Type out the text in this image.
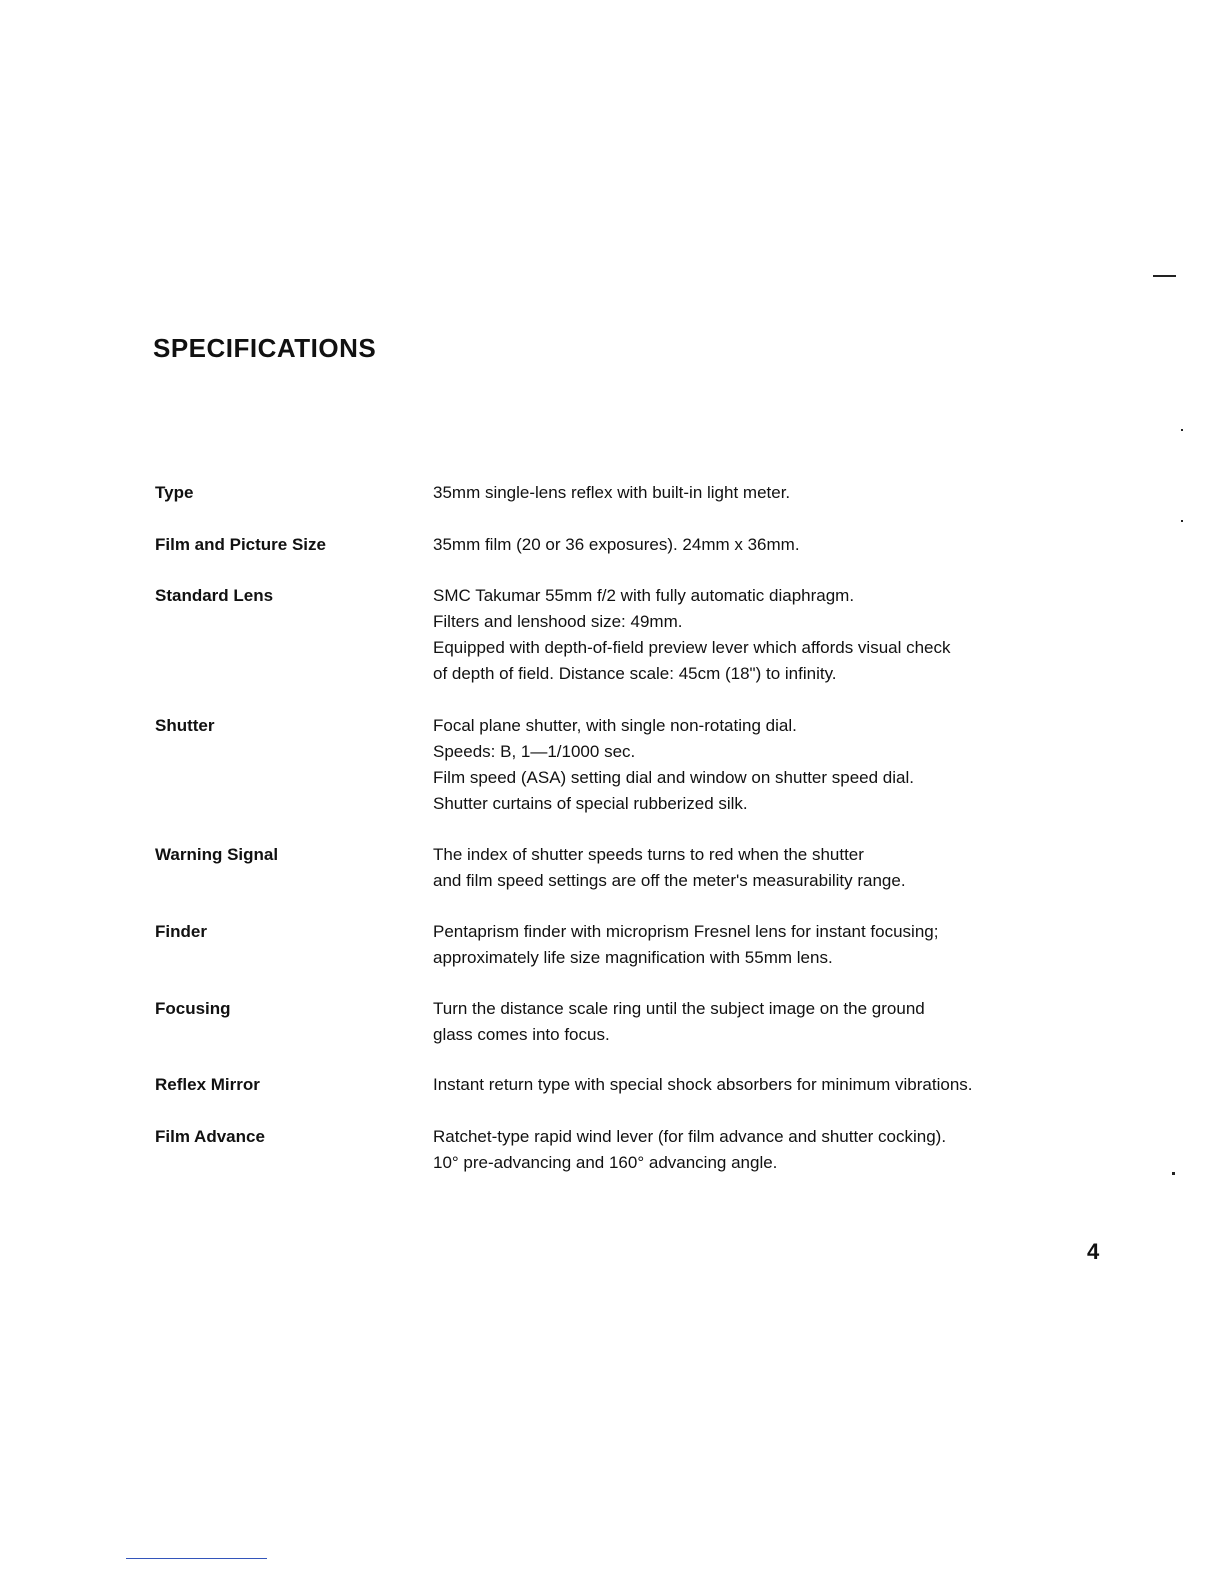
SPECIFICATIONS
Type	35mm single-lens reflex with built-in light meter.
Film and Picture Size	35mm film (20 or 36 exposures). 24mm x 36mm.
Standard Lens	SMC Takumar 55mm f/2 with fully automatic diaphragm.
Filters and lenshood size: 49mm.
Equipped with depth-of-field preview lever which affords visual check
of depth of field. Distance scale: 45cm (18") to infinity.
Shutter	Focal plane shutter, with single non-rotating dial.
Speeds: B, 1—1/1000 sec.
Film speed (ASA) setting dial and window on shutter speed dial.
Shutter curtains of special rubberized silk.
Warning Signal	The index of shutter speeds turns to red when the shutter
and film speed settings are off the meter's measurability range.
Finder	Pentaprism finder with microprism Fresnel lens for instant focusing;
approximately life size magnification with 55mm lens.
Focusing	Turn the distance scale ring until the subject image on the ground
glass comes into focus.
Reflex Mirror	Instant return type with special shock absorbers for minimum vibrations.
Film Advance	Ratchet-type rapid wind lever (for film advance and shutter cocking).
10° pre-advancing and 160° advancing angle.
4
